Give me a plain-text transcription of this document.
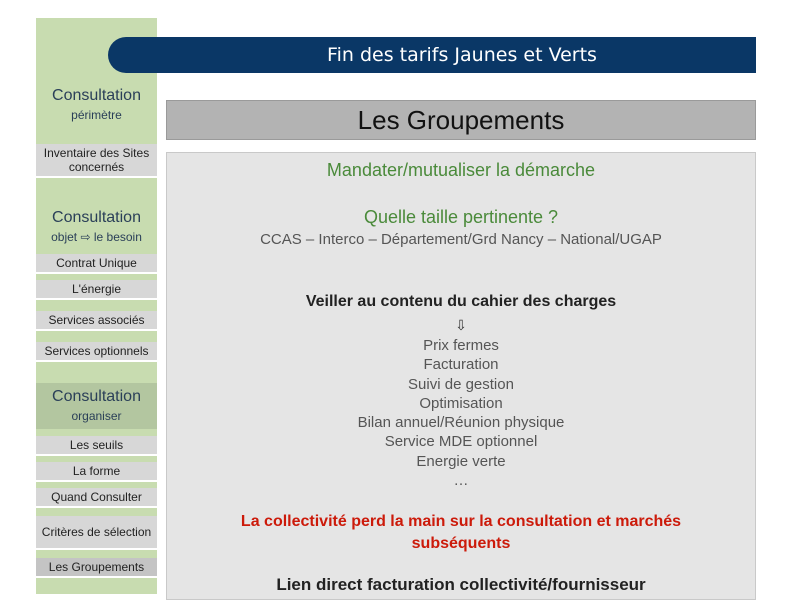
Fin des tarifs Jaunes et Verts
Consultation
périmètre
Inventaire des Sites concernés
Consultation
objet ⇨ le besoin
Contrat Unique
L'énergie
Services associés
Services optionnels
Consultation
organiser
Les seuils
La forme
Quand Consulter
Critères de sélection
Les Groupements
Les Groupements
Mandater/mutualiser la démarche
Quelle taille pertinente ?
CCAS – Interco – Département/Grd Nancy – National/UGAP
Veiller au contenu du cahier des charges
⇩
Prix fermes
Facturation
Suivi de gestion
Optimisation
Bilan annuel/Réunion physique
Service MDE optionnel
Energie verte
…
La collectivité perd la main sur la consultation et marchés
subséquents
Lien direct facturation collectivité/fournisseur
